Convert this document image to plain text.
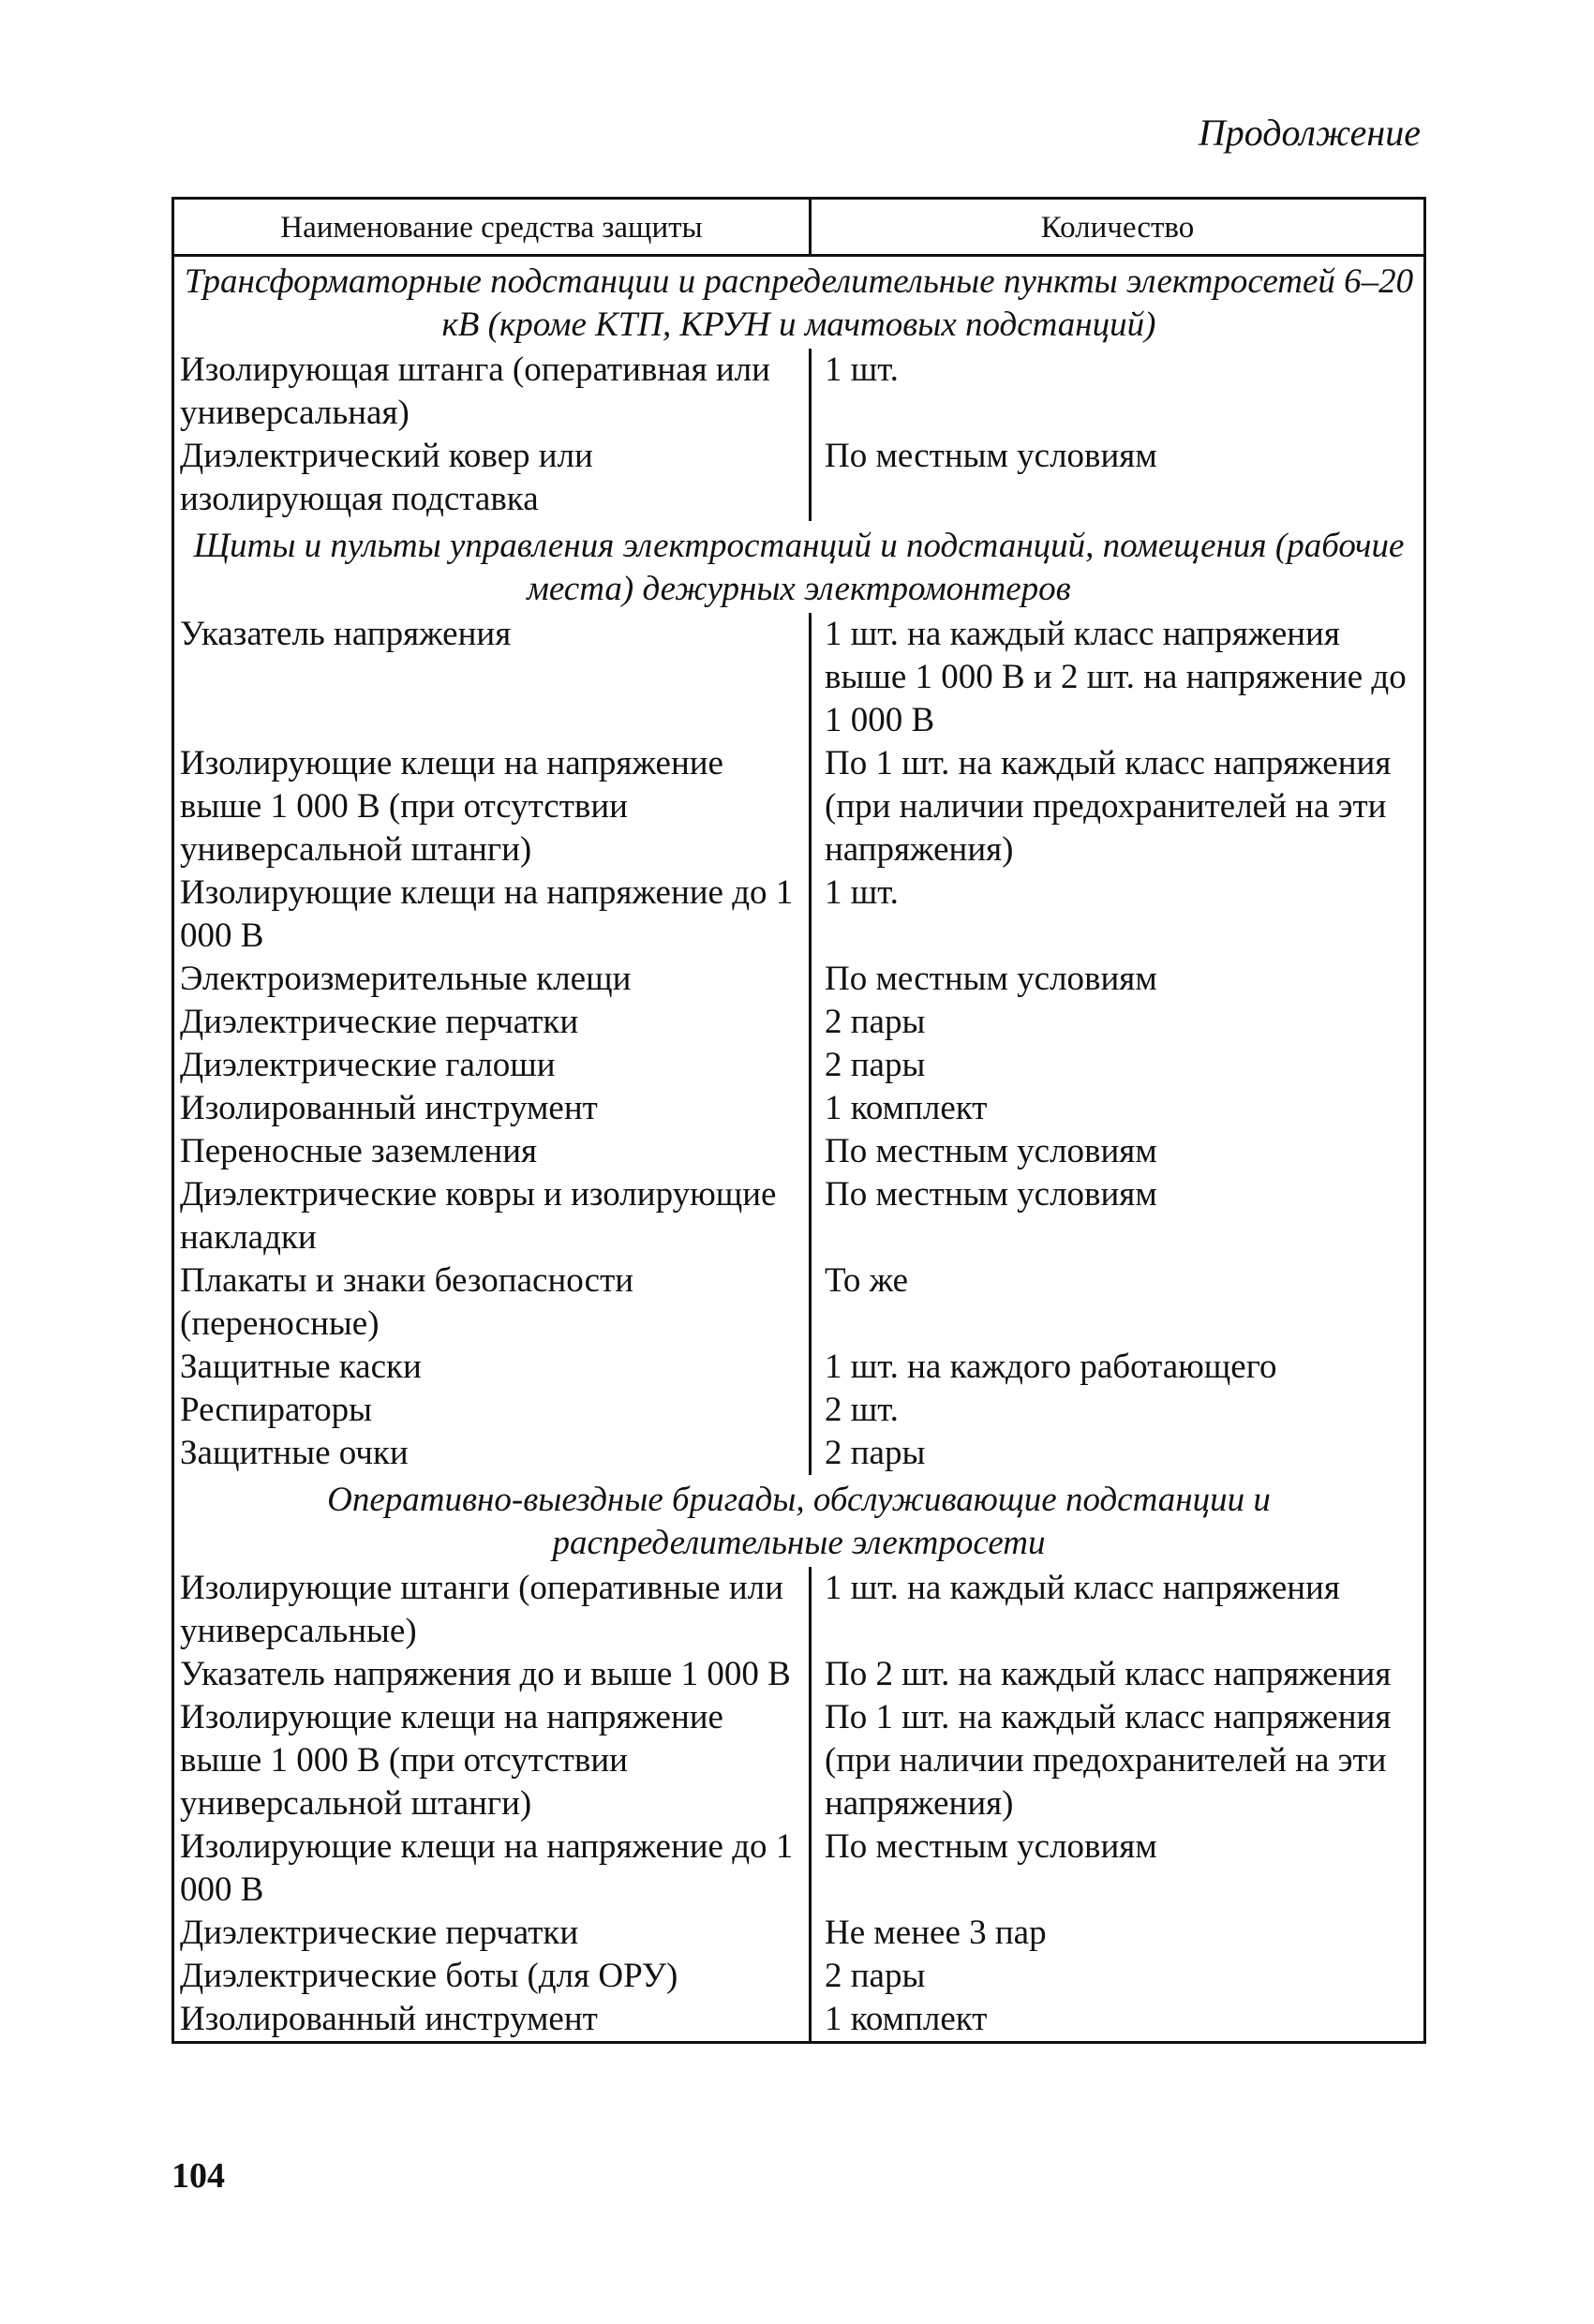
Продолжение
Наименование средства защиты	Количество
Трансформаторные подстанции и распределительные пункты электросетей 6–20 кВ (кроме КТП, КРУН и мачтовых подстанций)	
Изолирующая штанга (оперативная или универсальная)	1 шт.
Диэлектрический ковер или изолирующая подставка	По местным условиям
Щиты и пульты управления электростанций и подстанций, помещения (рабочие места) дежурных электромонтеров	
Указатель напряжения	1 шт. на каждый класс напряжения выше 1 000 В и 2 шт. на напряжение до 1 000 В
Изолирующие клещи на напряжение выше 1 000 В (при отсутствии универсальной штанги)	По 1 шт. на каждый класс напряжения (при наличии предохранителей на эти напряжения)
Изолирующие клещи на напряжение до 1 000 В	1 шт.
Электроизмерительные клещи	По местным условиям
Диэлектрические перчатки	2 пары
Диэлектрические галоши	2 пары
Изолированный инструмент	1 комплект
Переносные заземления	По местным условиям
Диэлектрические ковры и изолирующие накладки	По местным условиям
Плакаты и знаки безопасности (переносные)	То же
Защитные каски	1 шт. на каждого работающего
Респираторы	2 шт.
Защитные очки	2 пары
Оперативно-выездные бригады, обслуживающие подстанции и распределительные электросети	
Изолирующие штанги (оперативные или универсальные)	1 шт. на каждый класс напряжения
Указатель напряжения до и выше 1 000 В	По 2 шт. на каждый класс напряжения
Изолирующие клещи на напряжение выше 1 000 В (при отсутствии универсальной штанги)	По 1 шт. на каждый класс напряжения (при наличии предохранителей на эти напряжения)
Изолирующие клещи на напряжение до 1 000 В	По местным условиям
Диэлектрические перчатки	Не менее 3 пар
Диэлектрические боты (для ОРУ)	2 пары
Изолированный инструмент	1 комплект
104
